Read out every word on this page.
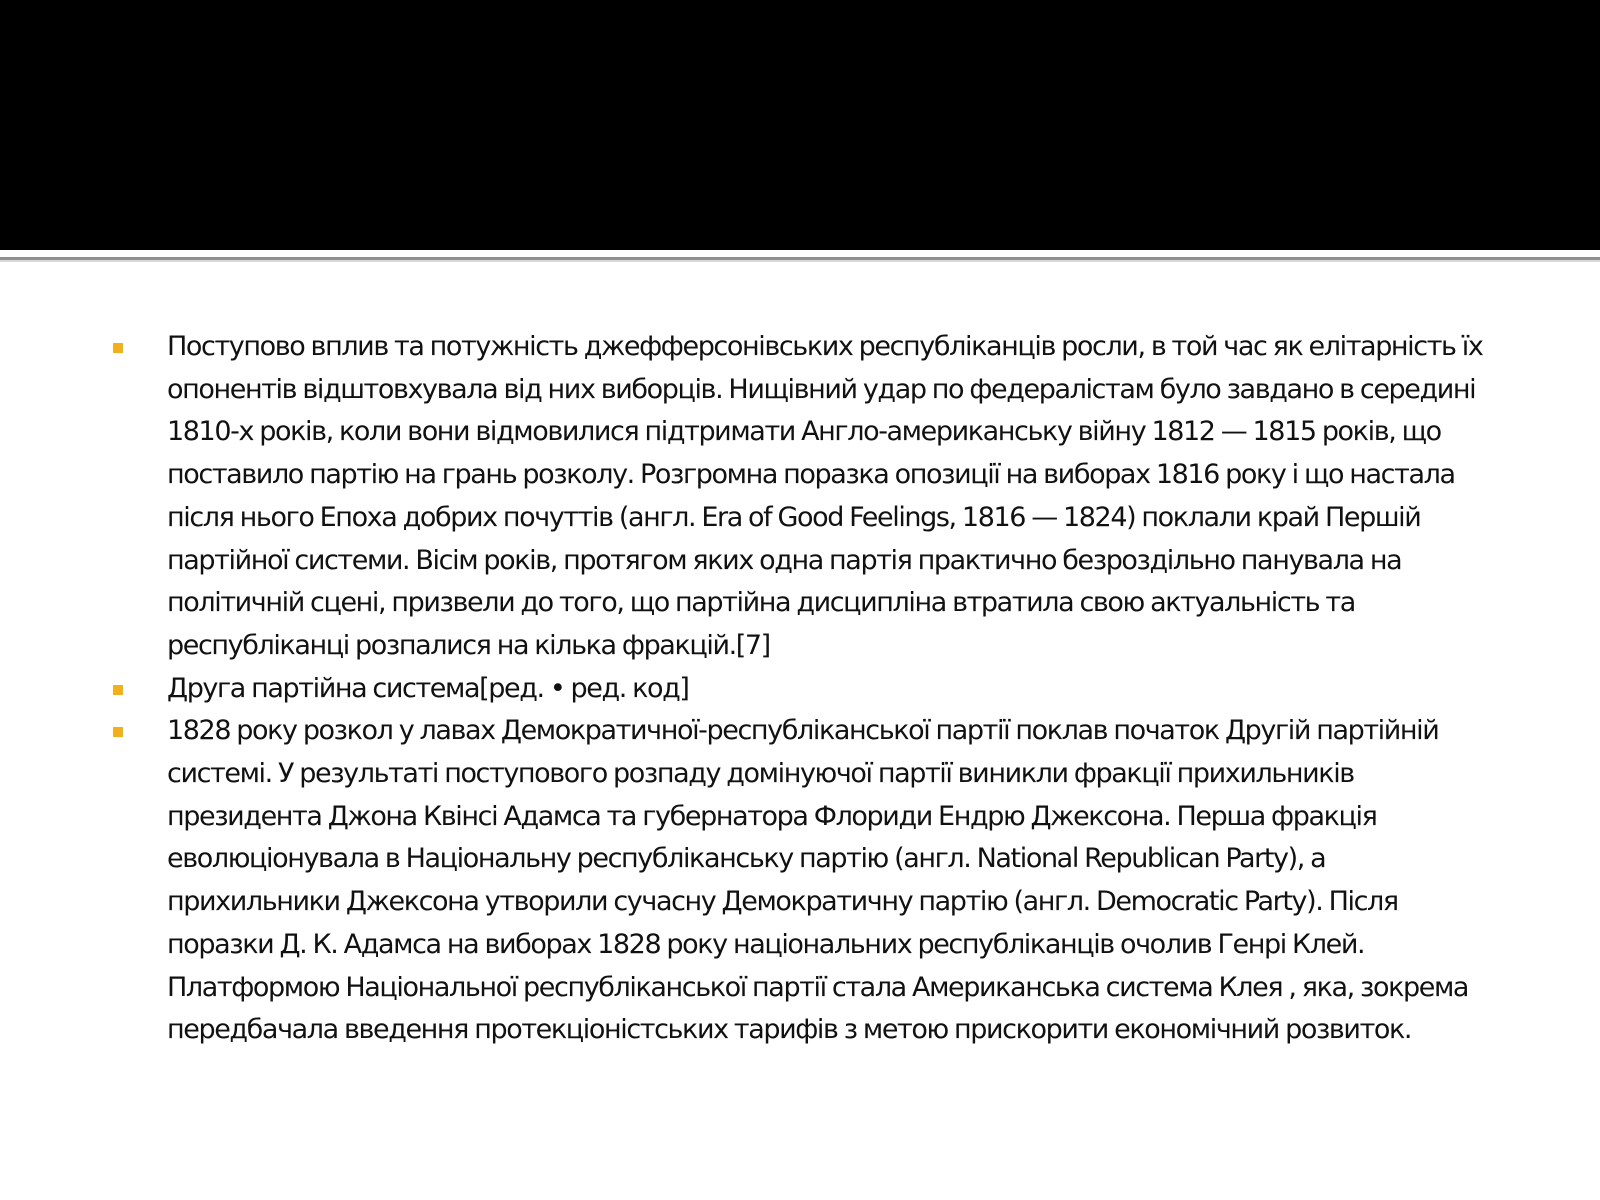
Поступово вплив та потужність джефферсонівських республіканців росли, в той час як елітарність їх опонентів відштовхувала від них виборців. Нищівний удар по федералістам було завдано в середині 1810-х років, коли вони відмовилися підтримати Англо-американську війну 1812 — 1815 років, що поставило партію на грань розколу. Розгромна поразка опозиції на виборах 1816 року і що настала після нього Епоха добрих почуттів (англ. Era of Good Feelings, 1816 — 1824) поклали край Першій партійної системи. Вісім років, протягом яких одна партія практично безроздільно панувала на політичній сцені, призвели до того, що партійна дисципліна втратила свою актуальність та республіканці розпалися на кілька фракцій.[7]
Друга партійна система[ред. • ред. код]
1828 року розкол у лавах Демократичної-республіканської партії поклав початок Другій партійній системі. У результаті поступового розпаду домінуючої партії виникли фракції прихильників президента Джона Квінсі Адамса та губернатора Флориди Ендрю Джексона. Перша фракція еволюціонувала в Національну республіканську партію (англ. National Republican Party), а прихильники Джексона утворили сучасну Демократичну партію (англ. Democratic Party). Після поразки Д. К. Адамса на виборах 1828 року національних республіканців очолив Генрі Клей. Платформою Національної республіканської партії стала Американська система Клея , яка, зокрема передбачала введення протекціоністських тарифів з метою прискорити економічний розвиток.
